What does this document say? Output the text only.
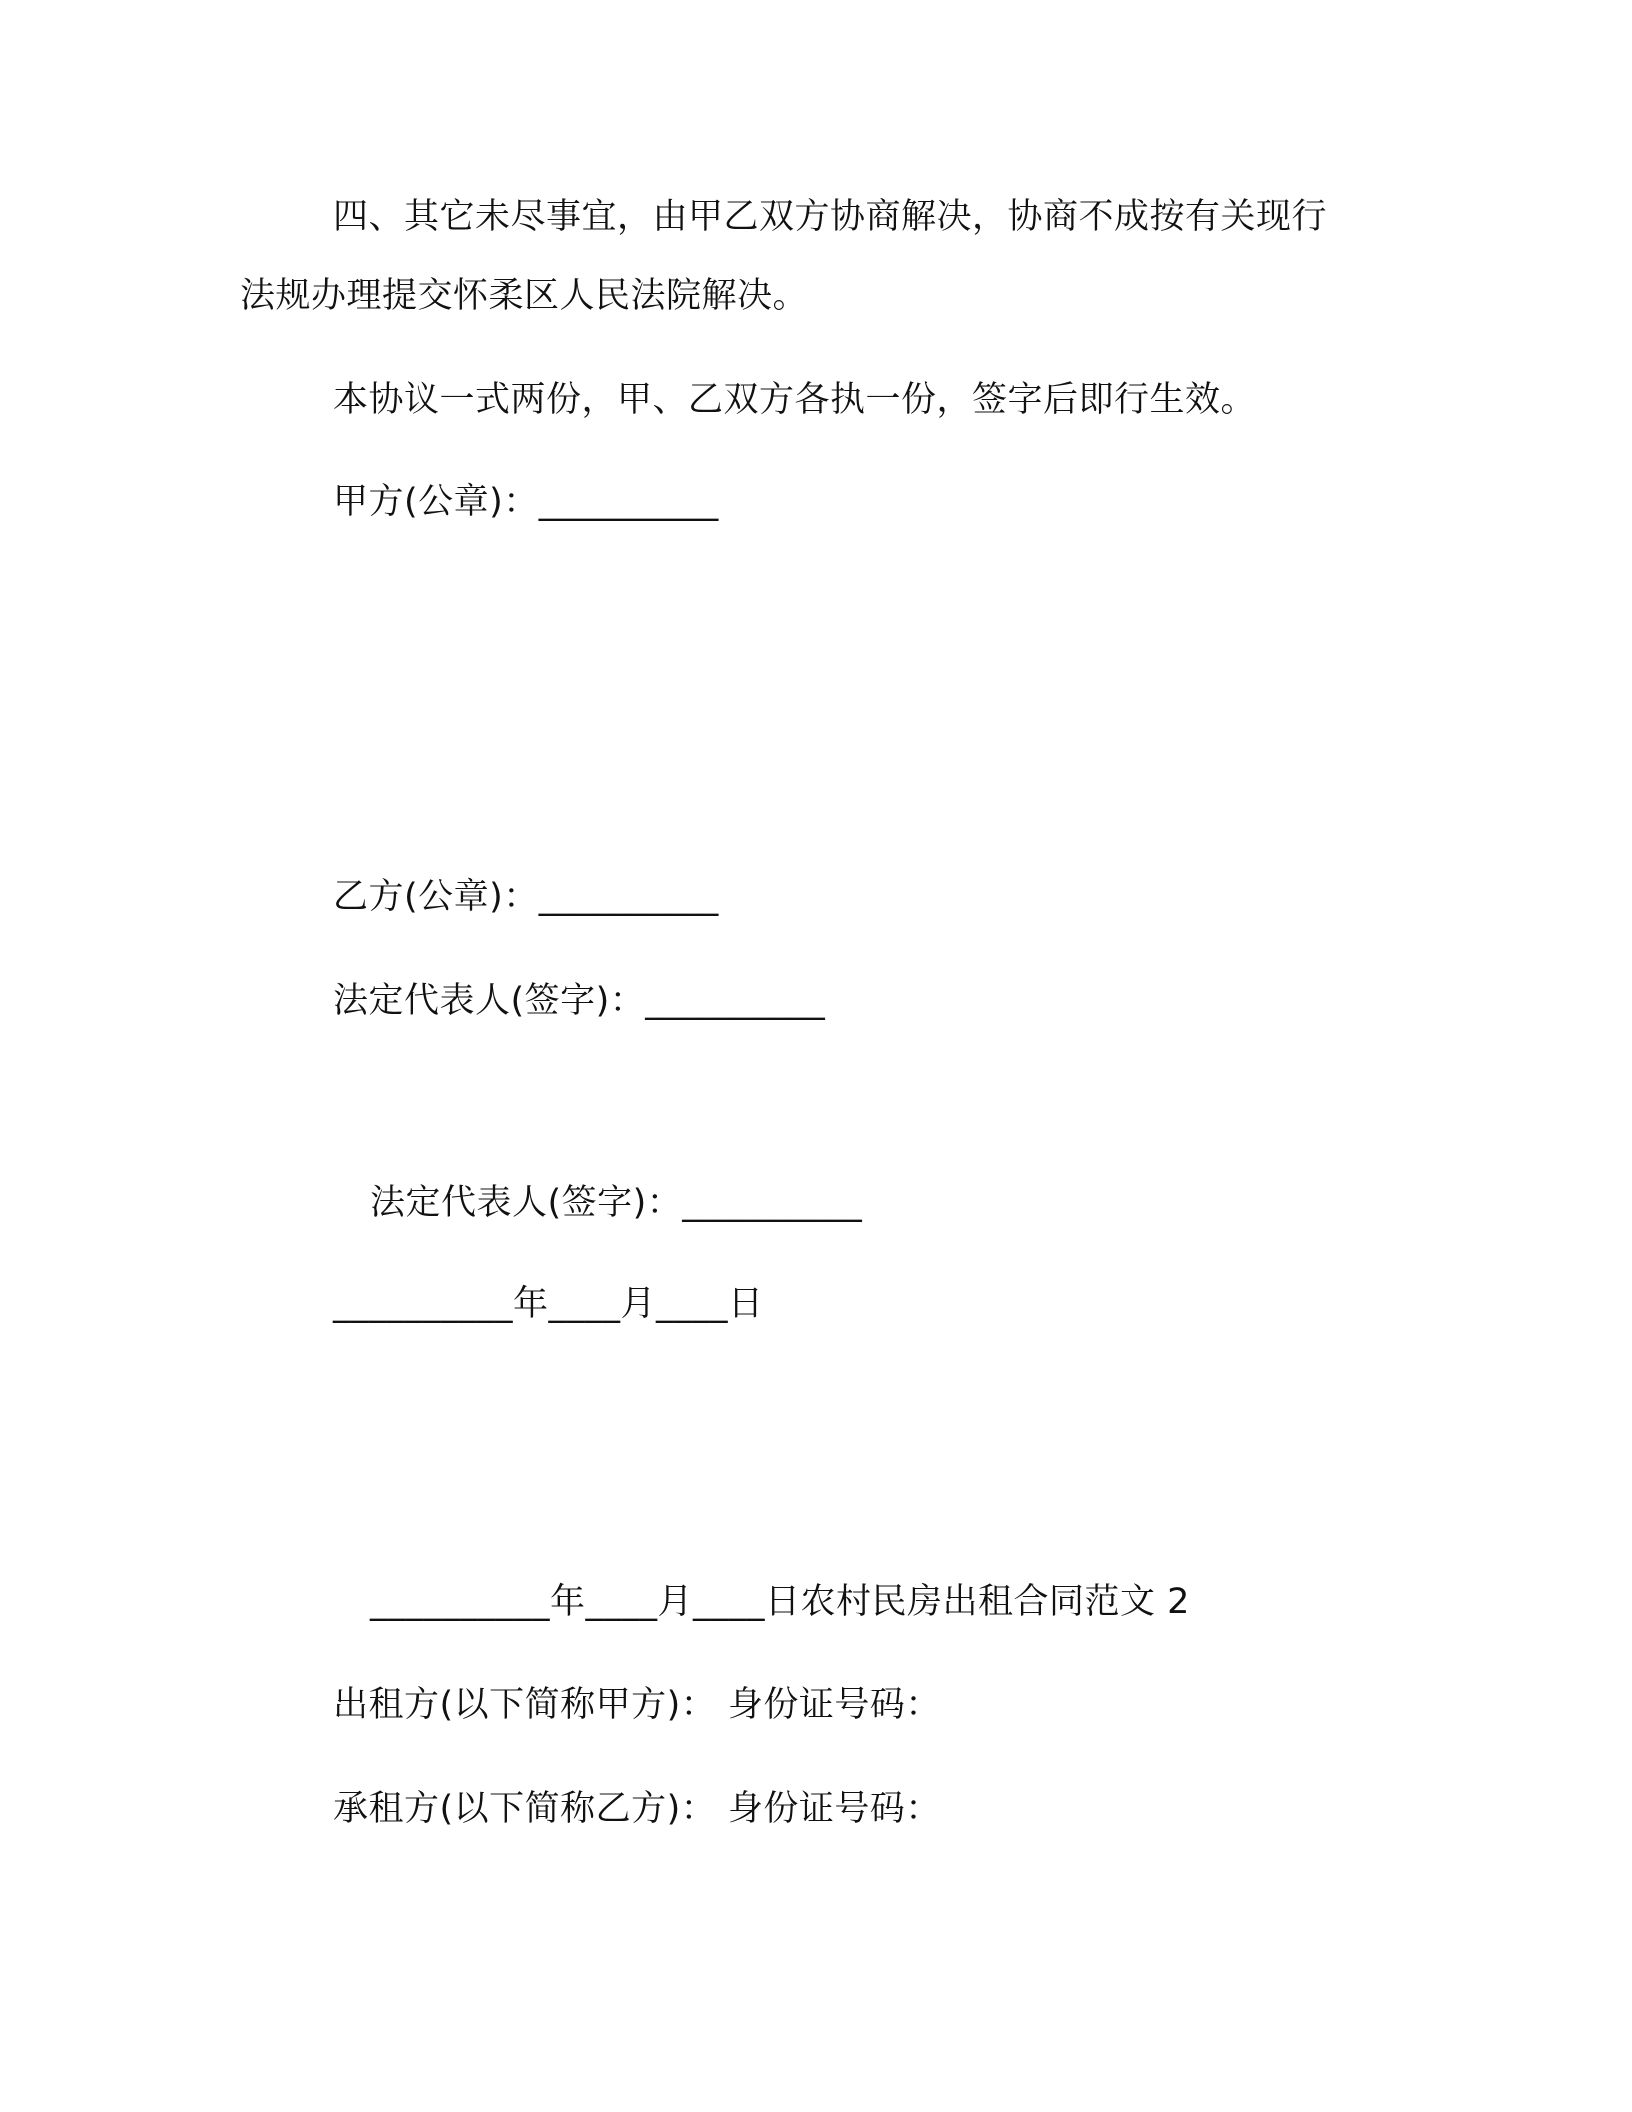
四、其它未尽事宜，由甲乙双方协商解决，协商不成按有关现行
法规办理提交怀柔区人民法院解决。
本协议一式两份，甲、乙双方各执一份，签字后即行生效。
甲方(公章)：__________
乙方(公章)：__________
法定代表人(签字)：__________
法定代表人(签字)：__________
__________年____月____日
__________年____月____日农村民房出租合同范文 2
出租方(以下简称甲方)： 身份证号码：
承租方(以下简称乙方)： 身份证号码：
